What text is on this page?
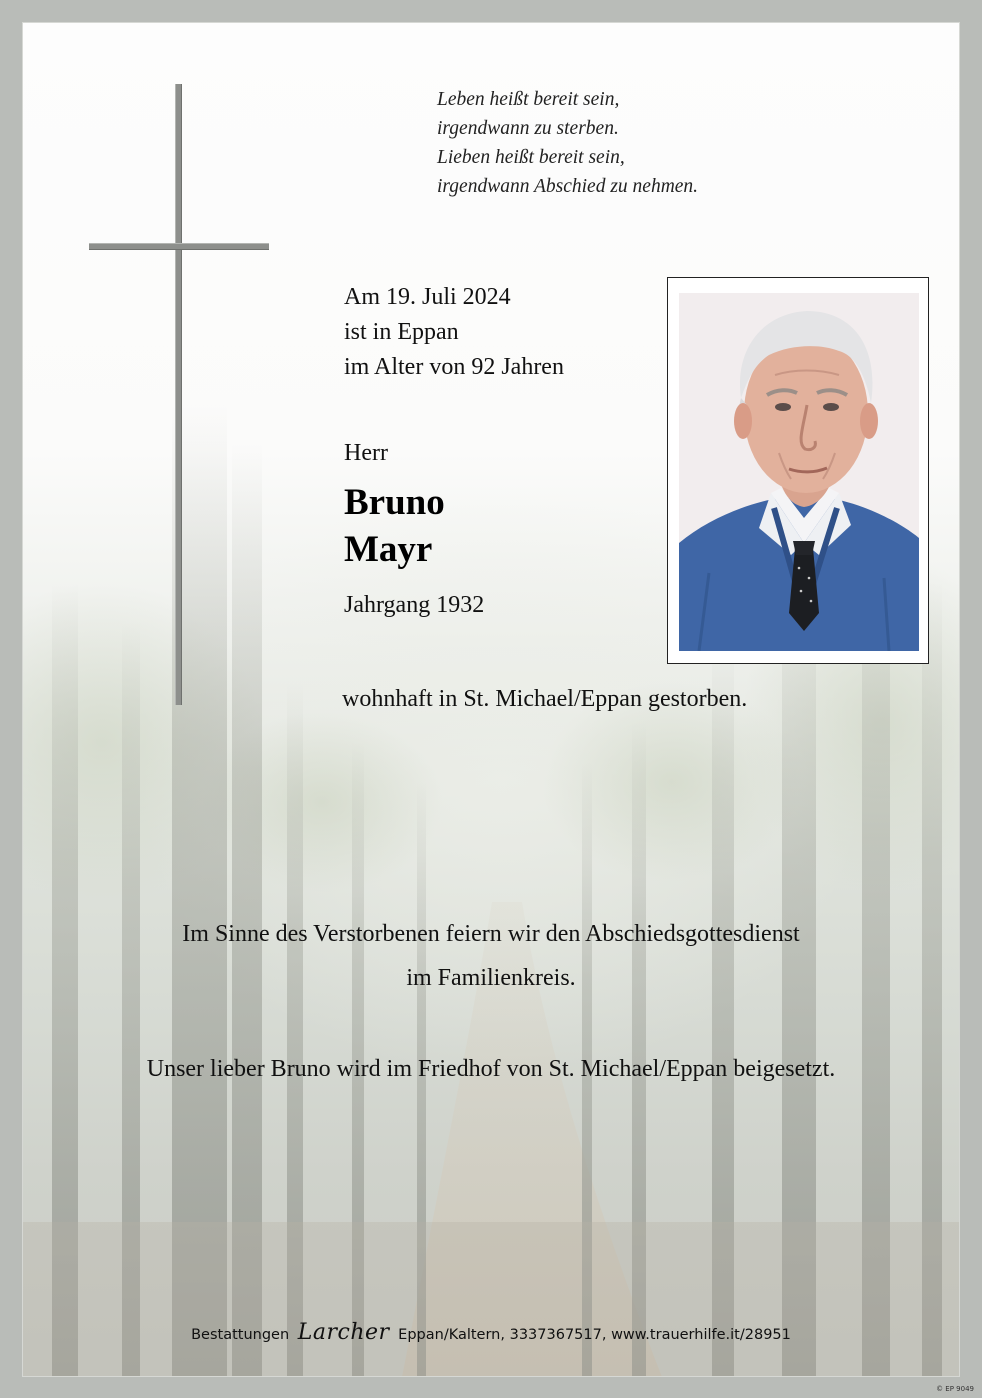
Leben heißt bereit sein,
irgendwann zu sterben.
Lieben heißt bereit sein,
irgendwann Abschied zu nehmen.
Am 19. Juli 2024
ist in Eppan
im Alter von 92 Jahren
Herr
Bruno
Mayr
Jahrgang 1932
wohnhaft in St. Michael/Eppan gestorben.
Im Sinne des Verstorbenen feiern wir den Abschiedsgottesdienst
im Familienkreis.
Unser lieber Bruno wird im Friedhof von St. Michael/Eppan beigesetzt.
Bestattungen Larcher Eppan/Kaltern, 3337367517, www.trauerhilfe.it/28951
© EP 9049
